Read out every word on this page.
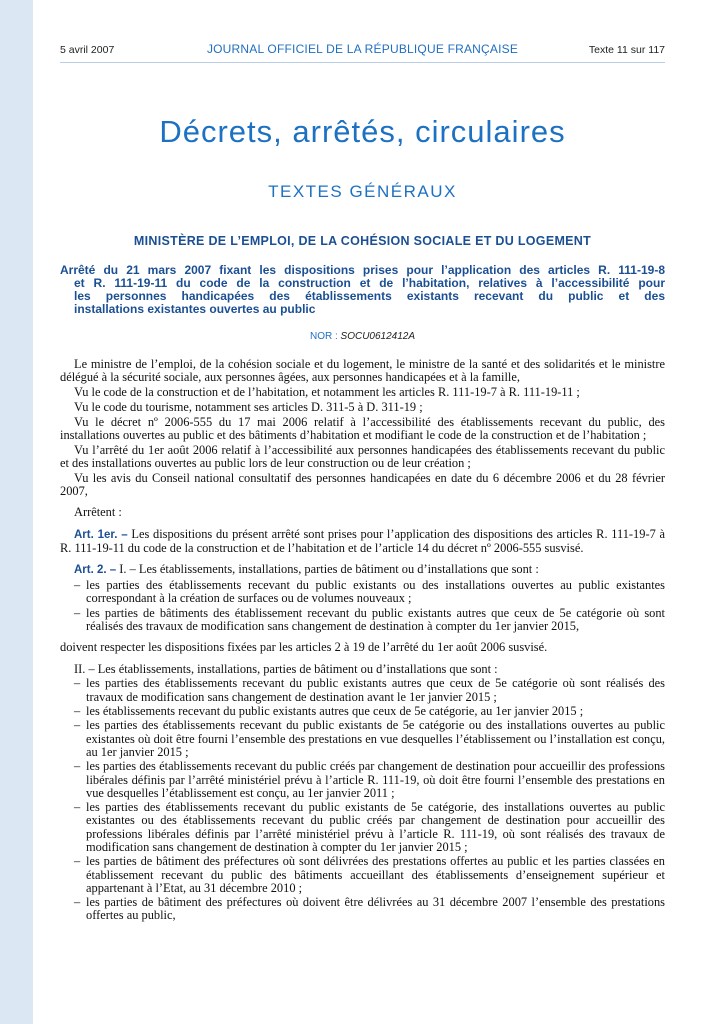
5 avril 2007	JOURNAL OFFICIEL DE LA RÉPUBLIQUE FRANÇAISE	Texte 11 sur 117
Décrets, arrêtés, circulaires
TEXTES GÉNÉRAUX
MINISTÈRE DE L’EMPLOI, DE LA COHÉSION SOCIALE ET DU LOGEMENT
Arrêté du 21 mars 2007 fixant les dispositions prises pour l’application des articles R. 111-19-8
et R. 111-19-11 du code de la construction et de l’habitation, relatives à l’accessibilité pour
les personnes handicapées des établissements existants recevant du public et des
installations existantes ouvertes au public
NOR : SOCU0612412A

Le ministre de l’emploi, de la cohésion sociale et du logement, le ministre de la santé et des solidarités et le ministre délégué à la sécurité sociale, aux personnes âgées, aux personnes handicapées et à la famille,

Vu le code de la construction et de l’habitation, et notamment les articles R. 111-19-7 à R. 111-19-11 ;

Vu le code du tourisme, notamment ses articles D. 311-5 à D. 311-19 ;

Vu le décret nº 2006-555 du 17 mai 2006 relatif à l’accessibilité des établissements recevant du public, des installations ouvertes au public et des bâtiments d’habitation et modifiant le code de la construction et de l’habitation ;

Vu l’arrêté du 1er août 2006 relatif à l’accessibilité aux personnes handicapées des établissements recevant du public et des installations ouvertes au public lors de leur construction ou de leur création ;

Vu les avis du Conseil national consultatif des personnes handicapées en date du 6 décembre 2006 et du 28 février 2007,

Arrêtent :

Art. 1er. – Les dispositions du présent arrêté sont prises pour l’application des dispositions des articles R. 111-19-7 à R. 111-19-11 du code de la construction et de l’habitation et de l’article 14 du décret nº 2006-555 susvisé.

Art. 2. – I. – Les établissements, installations, parties de bâtiment ou d’installations que sont :

– les parties des établissements recevant du public existants ou des installations ouvertes au public existantes correspondant à la création de surfaces ou de volumes nouveaux ;
– les parties de bâtiments des établissement recevant du public existants autres que ceux de 5e catégorie où sont réalisés des travaux de modification sans changement de destination à compter du 1er janvier 2015,

doivent respecter les dispositions fixées par les articles 2 à 19 de l’arrêté du 1er août 2006 susvisé.

II. – Les établissements, installations, parties de bâtiment ou d’installations que sont :

– les parties des établissements recevant du public existants autres que ceux de 5e catégorie où sont réalisés des travaux de modification sans changement de destination avant le 1er janvier 2015 ;
– les établissements recevant du public existants autres que ceux de 5e catégorie, au 1er janvier 2015 ;
– les parties des établissements recevant du public existants de 5e catégorie ou des installations ouvertes au public existantes où doit être fourni l’ensemble des prestations en vue desquelles l’établissement ou l’installation est conçu, au 1er janvier 2015 ;
– les parties des établissements recevant du public créés par changement de destination pour accueillir des professions libérales définis par l’arrêté ministériel prévu à l’article R. 111-19, où doit être fourni l’ensemble des prestations en vue desquelles l’établissement est conçu, au 1er janvier 2011 ;
– les parties des établissements recevant du public existants de 5e catégorie, des installations ouvertes au public existantes ou des établissements recevant du public créés par changement de destination pour accueillir des professions libérales définis par l’arrêté ministériel prévu à l’article R. 111-19, où sont réalisés des travaux de modification sans changement de destination à compter du 1er janvier 2015 ;
– les parties de bâtiment des préfectures où sont délivrées des prestations offertes au public et les parties classées en établissement recevant du public des bâtiments accueillant des établissements d’enseignement supérieur et appartenant à l’Etat, au 31 décembre 2010 ;
– les parties de bâtiment des préfectures où doivent être délivrées au 31 décembre 2007 l’ensemble des prestations offertes au public,
